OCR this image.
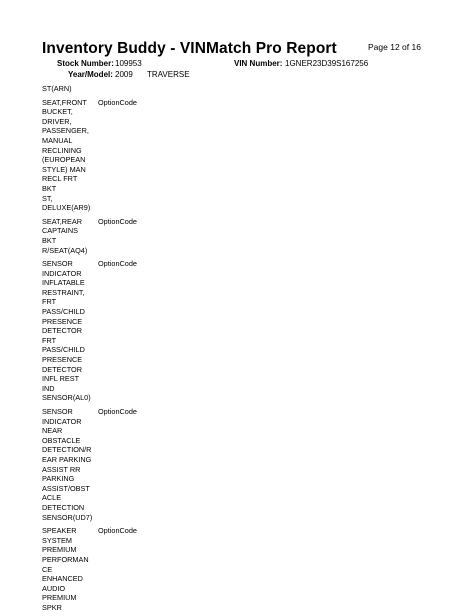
Inventory Buddy - VINMatch Pro Report	Page 12 of 16
Stock Number: 109953	VIN Number: 1GNER23D39S167256
Year/Model: 2009 TRAVERSE
ST(ARN)
SEAT,FRONT
BUCKET,
DRIVER,
PASSENGER,
MANUAL
RECLINING
(EUROPEAN
STYLE) MAN
RECL FRT
BKT
ST,
DELUXE(AR9)
OptionCode
SEAT,REAR
CAPTAINS
BKT
R/SEAT(AQ4)
OptionCode
SENSOR
INDICATOR
INFLATABLE
RESTRAINT,
FRT
PASS/CHILD
PRESENCE
DETECTOR
FRT
PASS/CHILD
PRESENCE
DETECTOR
INFL REST
IND
SENSOR(AL0)
OptionCode
SENSOR
INDICATOR
NEAR
OBSTACLE
DETECTION/R
EAR PARKING
ASSIST RR
PARKING
ASSIST/OBST
ACLE
DETECTION
SENSOR(UD7)
OptionCode
SPEAKER
SYSTEM
PREMIUM
PERFORMAN
CE
ENHANCED
AUDIO
PREMIUM
SPKR
OptionCode
